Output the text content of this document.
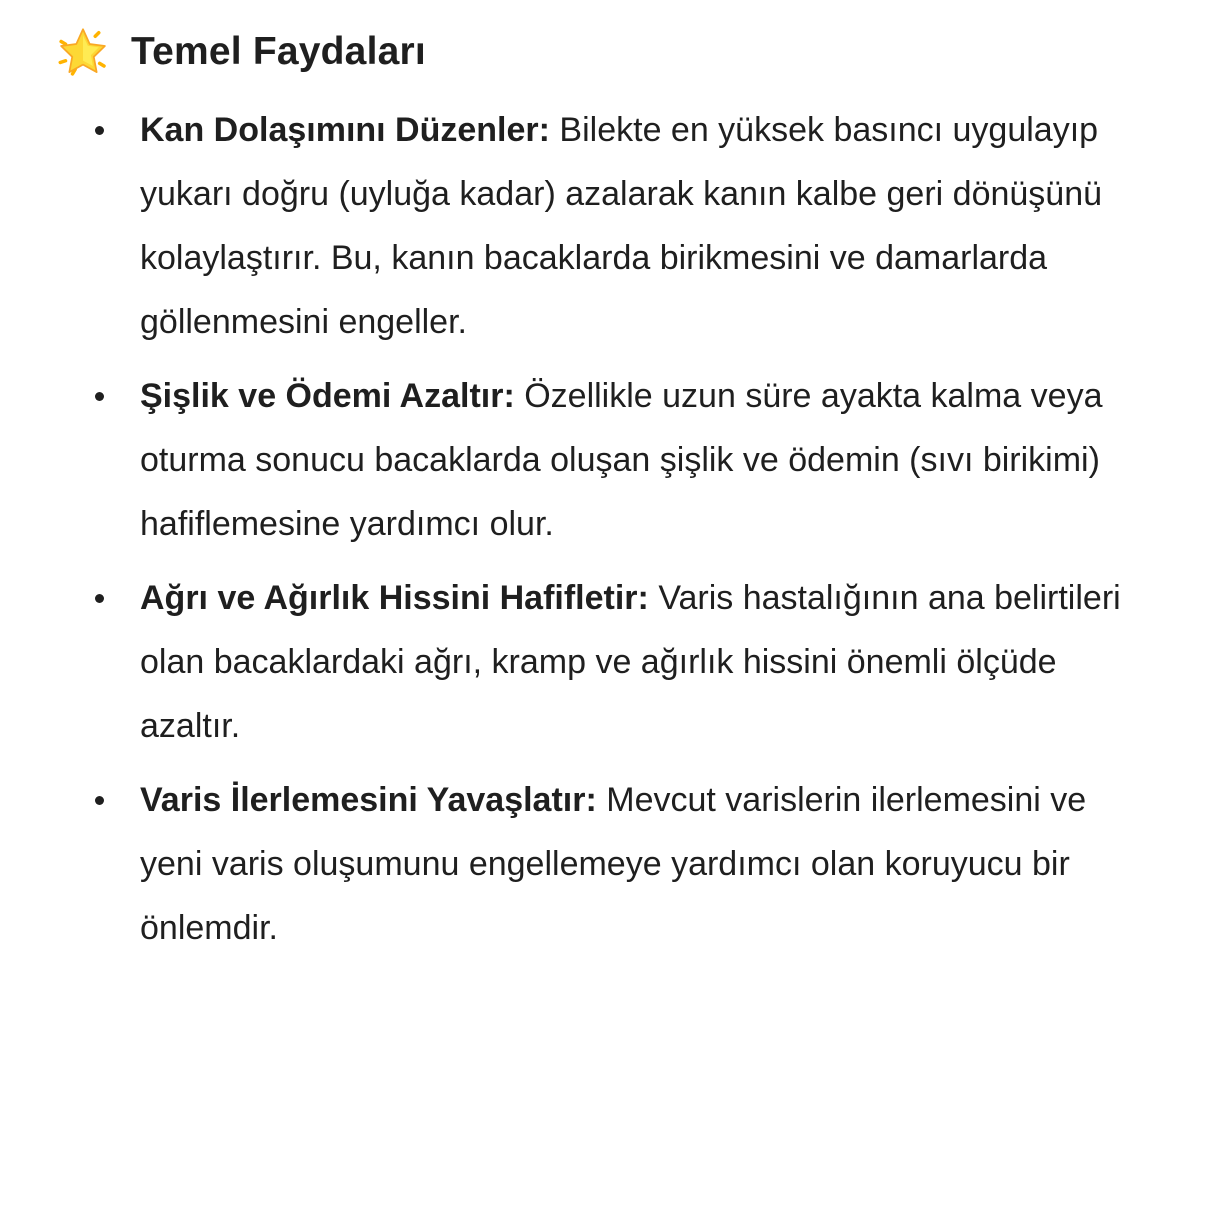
Temel Faydaları
Kan Dolaşımını Düzenler: Bilekte en yüksek basıncı uygulayıp yukarı doğru (uyluğa kadar) azalarak kanın kalbe geri dönüşünü kolaylaştırır. Bu, kanın bacaklarda birikmesini ve damarlarda göllenmesini engeller.
Şişlik ve Ödemi Azaltır: Özellikle uzun süre ayakta kalma veya oturma sonucu bacaklarda oluşan şişlik ve ödemin (sıvı birikimi) hafiflemesine yardımcı olur.
Ağrı ve Ağırlık Hissini Hafifletir: Varis hastalığının ana belirtileri olan bacaklardaki ağrı, kramp ve ağırlık hissini önemli ölçüde azaltır.
Varis İlerlemesini Yavaşlatır: Mevcut varislerin ilerlemesini ve yeni varis oluşumunu engellemeye yardımcı olan koruyucu bir önlemdir.
